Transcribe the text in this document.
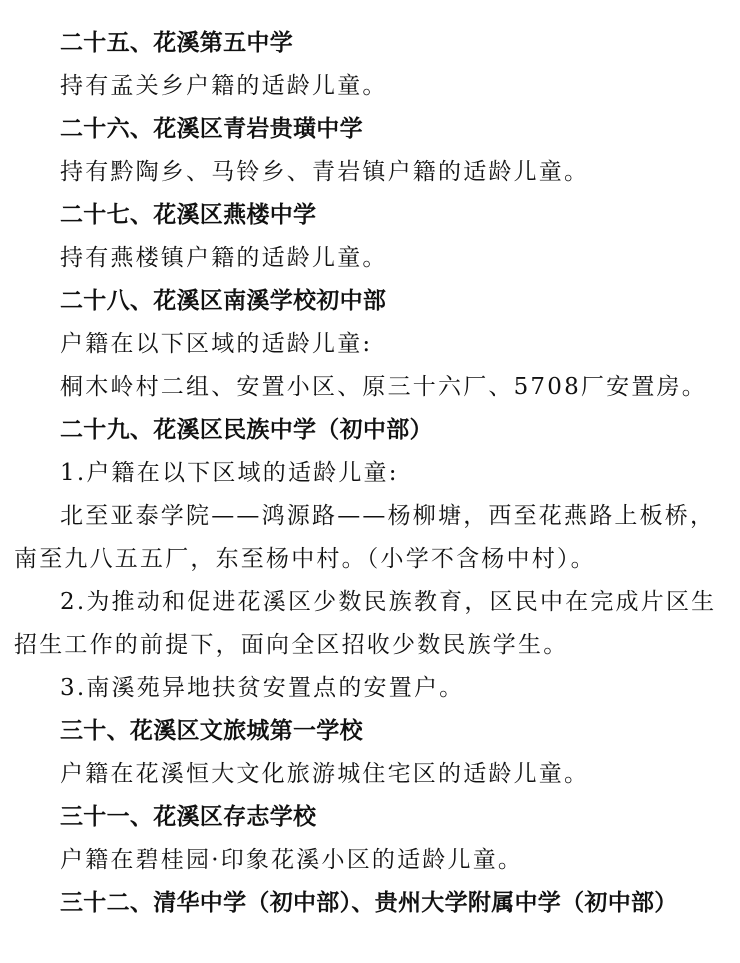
二十五、花溪第五中学

持有孟关乡户籍的适龄儿童。

二十六、花溪区青岩贵璜中学

持有黔陶乡、马铃乡、青岩镇户籍的适龄儿童。

二十七、花溪区燕楼中学

持有燕楼镇户籍的适龄儿童。

二十八、花溪区南溪学校初中部

户籍在以下区域的适龄儿童:

桐木岭村二组、安置小区、原三十六厂、5708厂安置房。

二十九、花溪区民族中学（初中部）

1.户籍在以下区域的适龄儿童:

北至亚泰学院——鸿源路——杨柳塘，西至花燕路上板桥，

南至九八五五厂，东至杨中村。（小学不含杨中村）。

2.为推动和促进花溪区少数民族教育，区民中在完成片区生

招生工作的前提下，面向全区招收少数民族学生。

3.南溪苑异地扶贫安置点的安置户。

三十、花溪区文旅城第一学校

户籍在花溪恒大文化旅游城住宅区的适龄儿童。

三十一、花溪区存志学校

户籍在碧桂园·印象花溪小区的适龄儿童。

三十二、清华中学（初中部）、贵州大学附属中学（初中部）
